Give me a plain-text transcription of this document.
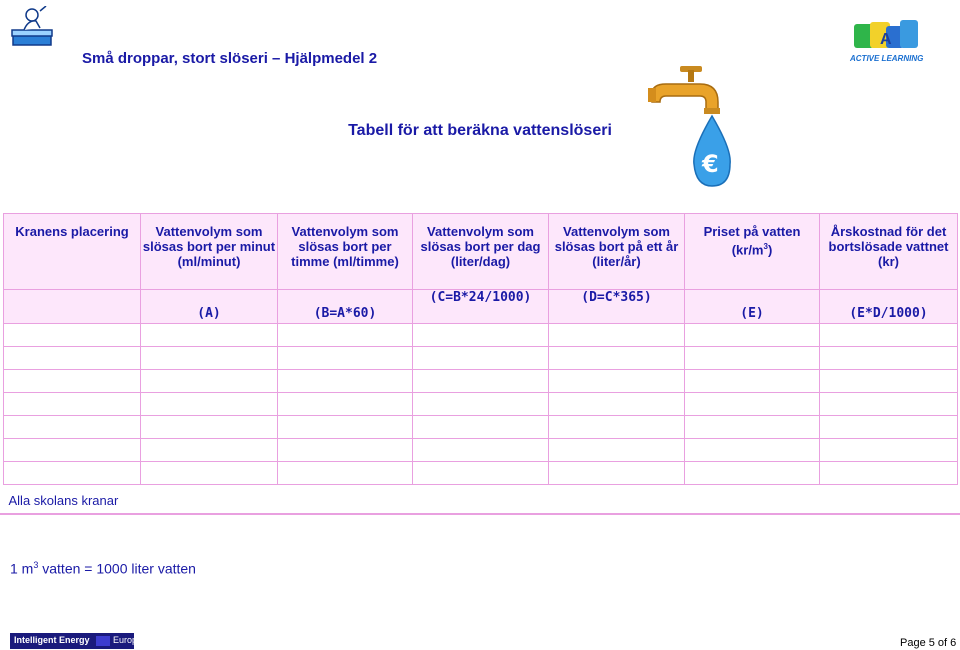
Små droppar, stort slöseri – Hjälpmedel 2
A
ACTIVE LEARNING
Tabell för att beräkna vattenslöseri
€
Kranens placering	Vattenvolym som slösas bort per minut (ml/minut)	Vattenvolym som slösas bort per timme (ml/timme)	Vattenvolym som slösas bort per dag (liter/dag)	Vattenvolym som slösas bort på ett år (liter/år)	Priset på vatten $(kr/m^3)$	Årskostnad för det bortslösade vattnet (kr)
	(A)	(B=A*60)	(C=B*24/1000)	(D=C*365)	(E)	(E*D/1000)

Alla skolans kranar						
1 $m^3$ vatten = 1000 liter vatten
Intelligent Energy	Europe	Page 5 of 6
